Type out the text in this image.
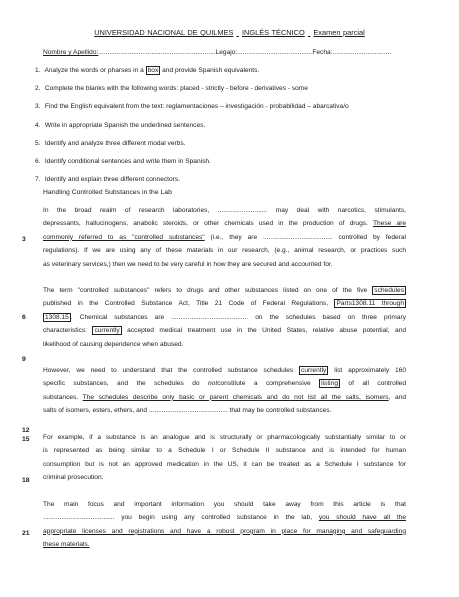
UNIVERSIDAD NACIONAL DE QUILMES INGLÉS TÉCNICO Examen parcial
Nombre y Apellido:................................................................Legajo:.........................................Fecha:................................
1. Analyze the words or pharses in a box and provide Spanish equivalents.
2. Complete the blanks with the following words: placed - strictly - before - derivatives - some
3. Find the English equivalent from the text: reglamentaciones – investigación - probabilidad – abarcativa/o
4. Write in appropriate Spanish the underlined sentences.
5. Identify and analyze three different modal verbs.
6. Identify conditional sentences and write them in Spanish.
7. Identify and explain three different connectors.
Handling Controlled Substances in the Lab
3
6
9
12
15
18
21
In the broad realm of research laboratories, ........................... may deal with narcotics, stimulants,
depressants, hallucinogens, anabolic steroids, or other chemicals used in the production of drugs. These are
commonly referred to as "controlled substances" (i.e., they are ...................................... controlled by federal
regulations). If we are using any of these materials in our research, (e.g., animal research, or practices such
as veterinary services,) then we need to be very careful in how they are secured and accounted for.
The term "controlled substances" refers to drugs and other substances listed on one of the five schedules
published in the Controlled Substance Act, Title 21 Code of Federal Regulations, Parts1308.11 through
1308.15 . Chemical substances are .......................................... on the schedules based on three primary
characteristics: currently accepted medical treatment use in the United States, relative abuse potential, and
likelihood of causing dependence when abused.
However, we need to understand that the controlled substance schedules currently list approximately 160
specific substances, and the schedules do notconstitute a comprehensive listing of all controlled
substances. The schedules describe only basic or parent chemicals and do not list all the salts, isomers, and
salts of isomers, esters, ethers, and ........................................... that may be controlled substances.
For example, if a substance is an analogue and is structurally or pharmacologically substantially similar to or
is represented as being similar to a Schedule I or Schedule II substance and is intended for human
consumption but is not an approved medication in the US, it can be treated as a Schedule I substance for
criminal prosecution.
The main focus and important information you should take away from this article is that
....................................... you begin using any controlled substance in the lab, you should have all the
appropriate licenses and registrations and have a robust program in place for managing and safeguarding
these materials.
